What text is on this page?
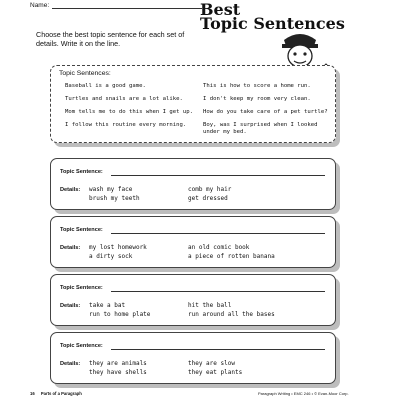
Name:	Best
Topic Sentences
Choose the best topic sentence for each set of details. Write it on the line.
Topic Sentences:
Baseball is a good game.
Turtles and snails are a lot alike.
Mom tells me to do this when I get up.
I follow this routine every morning.
This is how to score a home run.
I don't keep my room very clean.
How do you take care of a pet turtle?
Boy, was I surprised when I looked under my bed.
Topic Sentence:
Details: wash my face	comb my hair
brush my teeth	get dressed
Topic Sentence:
Details: my lost homework	an old comic book
a dirty sock	a piece of rotten banana
Topic Sentence:
Details: take a bat	hit the ball
run to home plate	run around all the bases
Topic Sentence:
Details: they are animals	they are slow
they have shells	they eat plants
16 Parts of a Paragraph	Paragraph Writing • EMC 246 • © Evan-Moor Corp.
